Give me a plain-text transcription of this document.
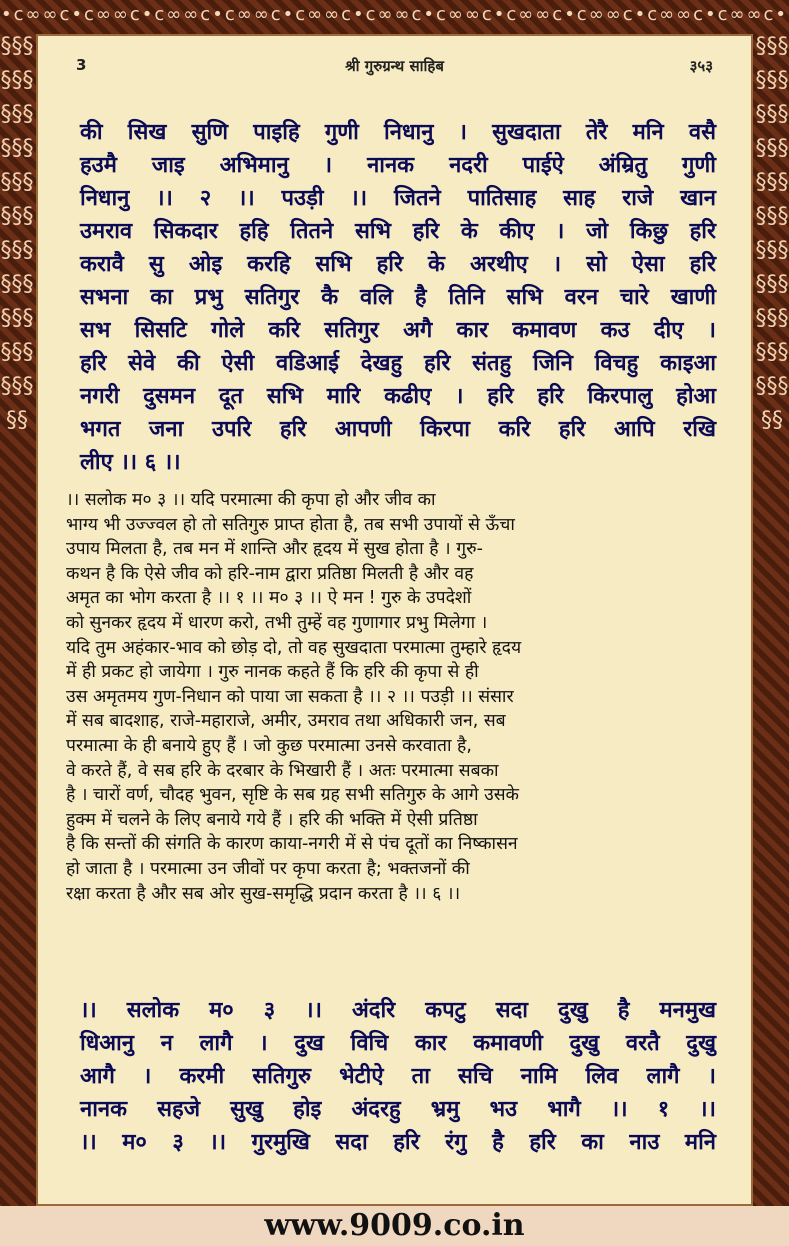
•c∞∞c•c∞∞c•c∞∞c•c∞∞c•c∞∞c•c∞∞c•c∞∞c•c∞∞c•c∞∞c•c∞∞c•c∞∞c•
§§§§§§§§§§§§§§§§§§§§§§§§§§§§§§§§§§§
§§§§§§§§§§§§§§§§§§§§§§§§§§§§§§§§§§§
3	श्री गुरुग्रन्थ साहिब	३५३
की सिख सुणि पाइहि गुणी निधानु । सुखदाता तेरै मनि वसै
हउमै जाइ अभिमानु । नानक नदरी पाईऐ अंम्रितु गुणी
निधानु ।। २ ।। पउड़ी ।। जितने पातिसाह साह राजे खान
उमराव सिकदार हहि तितने सभि हरि के कीए । जो किछु हरि
करावै सु ओइ करहि सभि हरि के अरथीए । सो ऐसा हरि
सभना का प्रभु सतिगुर कै वलि है तिनि सभि वरन चारे खाणी
सभ सिसटि गोले करि सतिगुर अगै कार कमावण कउ दीए ।
हरि सेवे की ऐसी वडिआई देखहु हरि संतहु जिनि विचहु काइआ
नगरी दुसमन दूत सभि मारि कढीए । हरि हरि किरपालु होआ
भगत जना उपरि हरि आपणी किरपा करि हरि आपि रखि
लीए ।। ६ ।।
।। सलोक म० ३ ।। यदि परमात्मा की कृपा हो और जीव का
भाग्य भी उज्ज्वल हो तो सतिगुरु प्राप्त होता है, तब सभी उपायों से ऊँचा
उपाय मिलता है, तब मन में शान्ति और हृदय में सुख होता है । गुरु-
कथन है कि ऐसे जीव को हरि-नाम द्वारा प्रतिष्ठा मिलती है और वह
अमृत का भोग करता है ।। १ ।। म० ३ ।। ऐ मन ! गुरु के उपदेशों
को सुनकर हृदय में धारण करो, तभी तुम्हें वह गुणागार प्रभु मिलेगा ।
यदि तुम अहंकार-भाव को छोड़ दो, तो वह सुखदाता परमात्मा तुम्हारे हृदय
में ही प्रकट हो जायेगा । गुरु नानक कहते हैं कि हरि की कृपा से ही
उस अमृतमय गुण-निधान को पाया जा सकता है ।। २ ।। पउड़ी ।। संसार
में सब बादशाह, राजे-महाराजे, अमीर, उमराव तथा अधिकारी जन, सब
परमात्मा के ही बनाये हुए हैं । जो कुछ परमात्मा उनसे करवाता है,
वे करते हैं, वे सब हरि के दरबार के भिखारी हैं । अतः परमात्मा सबका
है । चारों वर्ण, चौदह भुवन, सृष्टि के सब ग्रह सभी सतिगुरु के आगे उसके
हुक्म में चलने के लिए बनाये गये हैं । हरि की भक्ति में ऐसी प्रतिष्ठा
है कि सन्तों की संगति के कारण काया-नगरी में से पंच दूतों का निष्कासन
हो जाता है । परमात्मा उन जीवों पर कृपा करता है; भक्तजनों की
रक्षा करता है और सब ओर सुख-समृद्धि प्रदान करता है ।। ६ ।।
।। सलोक म० ३ ।। अंदरि कपटु सदा दुखु है मनमुख
धिआनु न लागै । दुख विचि कार कमावणी दुखु वरतै दुखु
आगै । करमी सतिगुरु भेटीऐ ता सचि नामि लिव लागै ।
नानक सहजे सुखु होइ अंदरहु भ्रमु भउ भागै ।। १ ।।
।। म० ३ ।। गुरमुखि सदा हरि रंगु है हरि का नाउ मनि
www.9009.co.in
